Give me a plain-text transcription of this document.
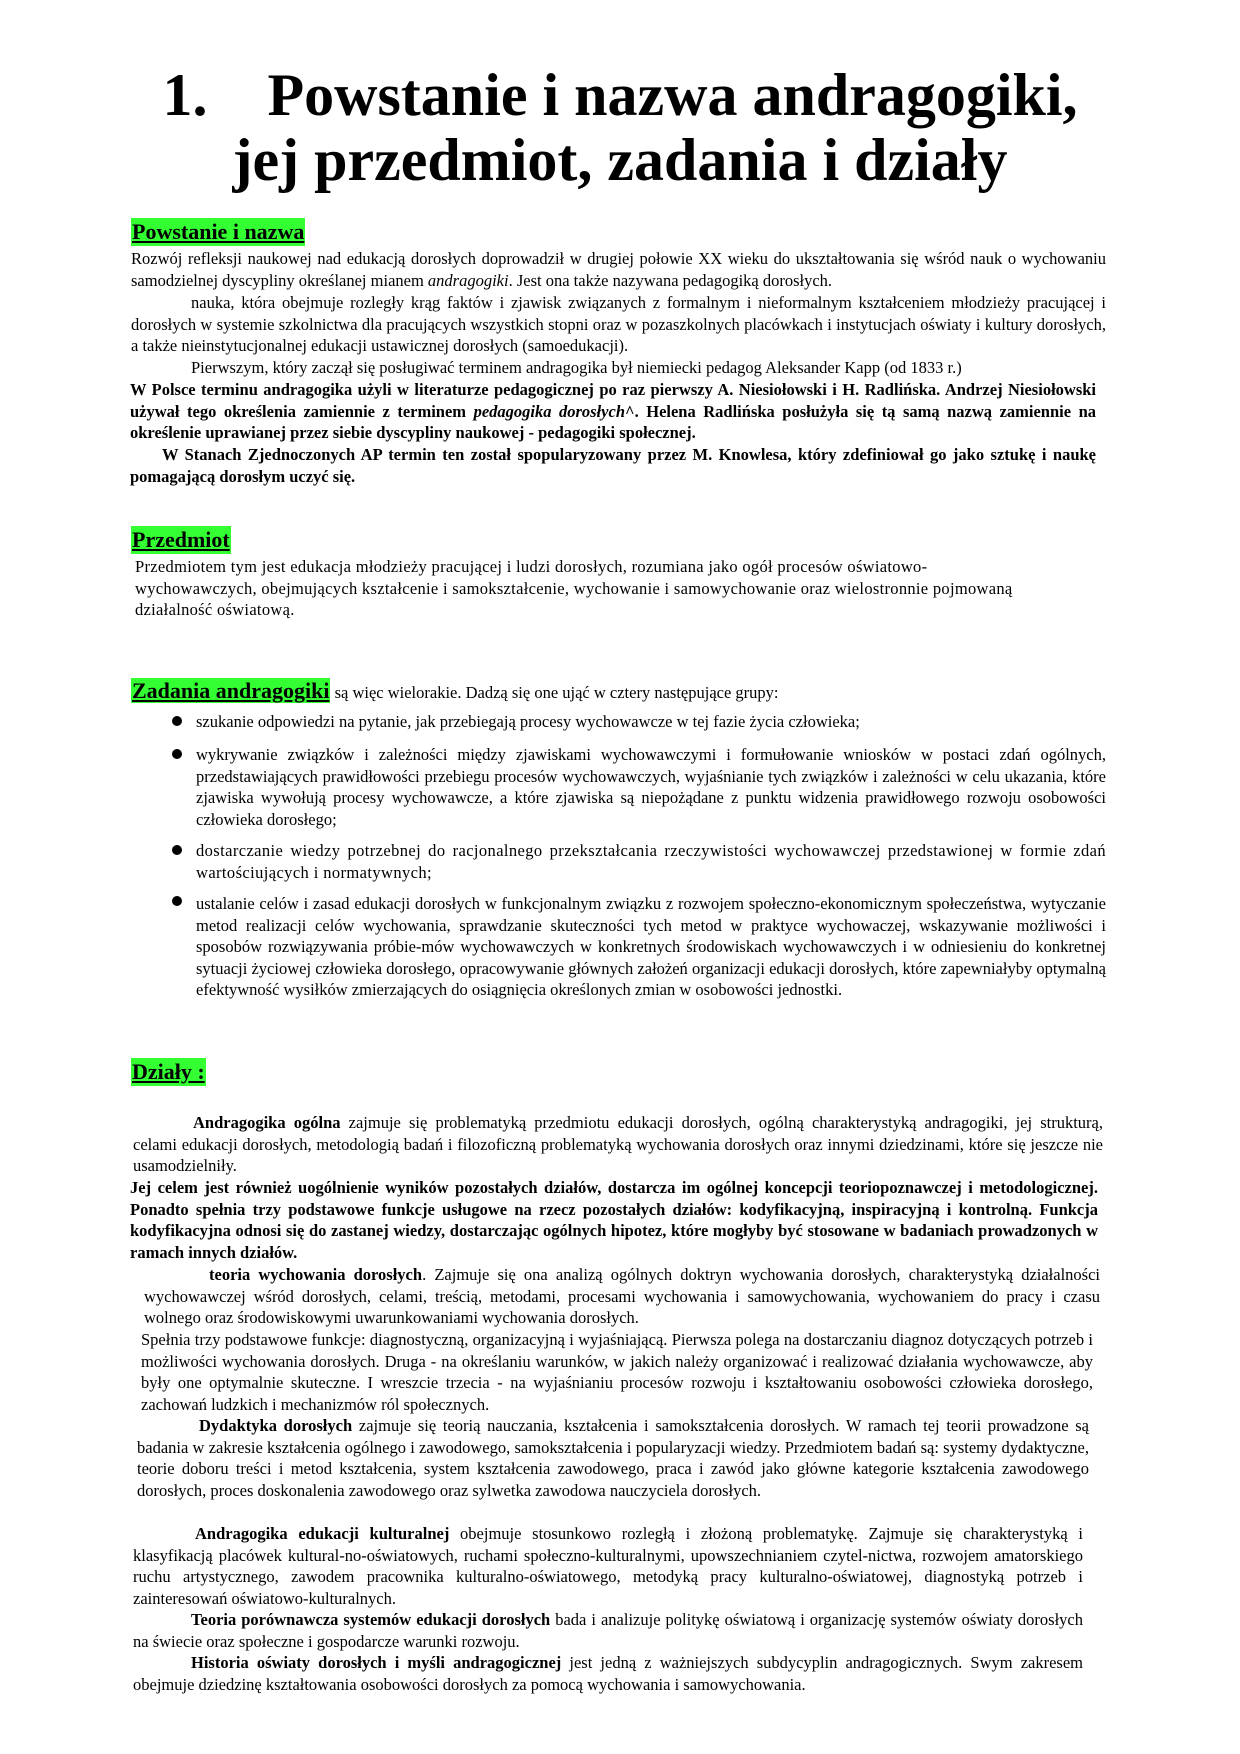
1. Powstanie i nazwa andragogiki,
jej przedmiot, zadania i działy
Powstanie i nazwa
Rozwój refleksji naukowej nad edukacją dorosłych doprowadził w drugiej połowie XX wieku do ukształtowania się wśród nauk o wychowaniu samodzielnej dyscypliny określanej mianem andragogiki. Jest ona także nazywana pedagogiką dorosłych.
nauka, która obejmuje rozległy krąg faktów i zjawisk związanych z formalnym i nieformalnym kształceniem młodzieży pracującej i dorosłych w systemie szkolnictwa dla pracujących wszystkich stopni oraz w pozaszkolnych placówkach i instytucjach oświaty i kultury dorosłych, a także nieinstytucjonalnej edukacji ustawicznej dorosłych (samoedukacji).
Pierwszym, który zaczął się posługiwać terminem andragogika był niemiecki pedagog Aleksander Kapp (od 1833 r.)
W Polsce terminu andragogika użyli w literaturze pedagogicznej po raz pierwszy A. Niesiołowski i H. Radlińska. Andrzej Niesiołowski używał tego określenia zamiennie z terminem pedagogika dorosłych^. Helena Radlińska posłużyła się tą samą nazwą zamiennie na określenie uprawianej przez siebie dyscypliny naukowej - pedagogiki społecznej.
W Stanach Zjednoczonych AP termin ten został spopularyzowany przez M. Knowlesa, który zdefiniował go jako sztukę i naukę pomagającą dorosłym uczyć się.
Przedmiot
Przedmiotem tym jest edukacja młodzieży pracującej i ludzi dorosłych, rozumiana jako ogół procesów oświatowo-wychowawczych, obejmujących kształcenie i samokształcenie, wychowanie i samowychowanie oraz wielostronnie pojmowaną działalność oświatową.
Zadania andragogiki są więc wielorakie. Dadzą się one ująć w cztery następujące grupy:
szukanie odpowiedzi na pytanie, jak przebiegają procesy wychowawcze w tej fazie życia człowieka;
wykrywanie związków i zależności między zjawiskami wychowawczymi i formułowanie wniosków w postaci zdań ogólnych, przedstawiających prawidłowości przebiegu procesów wychowawczych, wyjaśnianie tych związków i zależności w celu ukazania, które zjawiska wywołują procesy wychowawcze, a które zjawiska są niepożądane z punktu widzenia prawidłowego rozwoju osobowości człowieka dorosłego;
dostarczanie wiedzy potrzebnej do racjonalnego przekształcania rzeczywistości wychowawczej przedstawionej w formie zdań wartościujących i normatywnych;
ustalanie celów i zasad edukacji dorosłych w funkcjonalnym związku z rozwojem społeczno-ekonomicznym społeczeństwa, wytyczanie metod realizacji celów wychowania, sprawdzanie skuteczności tych metod w praktyce wychowaczej, wskazywanie możliwości i sposobów rozwiązywania próbie-mów wychowawczych w konkretnych środowiskach wychowawczych i w odniesieniu do konkretnej sytuacji życiowej człowieka dorosłego, opracowywanie głównych założeń organizacji edukacji dorosłych, które zapewniałyby optymalną efektywność wysiłków zmierzających do osiągnięcia określonych zmian w osobowości jednostki.
Działy :
Andragogika ogólna zajmuje się problematyką przedmiotu edukacji dorosłych, ogólną charakterystyką andragogiki, jej strukturą, celami edukacji dorosłych, metodologią badań i filozoficzną problematyką wychowania dorosłych oraz innymi dziedzinami, które się jeszcze nie usamodzielniły.
Jej celem jest również uogólnienie wyników pozostałych działów, dostarcza im ogólnej koncepcji teoriopoznawczej i metodologicznej. Ponadto spełnia trzy podstawowe funkcje usługowe na rzecz pozostałych działów: kodyfikacyjną, inspiracyjną i kontrolną. Funkcja kodyfikacyjna odnosi się do zastanej wiedzy, dostarczając ogólnych hipotez, które mogłyby być stosowane w badaniach prowadzonych w ramach innych działów.
teoria wychowania dorosłych. Zajmuje się ona analizą ogólnych doktryn wychowania dorosłych, charakterystyką działalności wychowawczej wśród dorosłych, celami, treścią, metodami, procesami wychowania i samowychowania, wychowaniem do pracy i czasu wolnego oraz środowiskowymi uwarunkowaniami wychowania dorosłych.
Spełnia trzy podstawowe funkcje: diagnostyczną, organizacyjną i wyjaśniającą. Pierwsza polega na dostarczaniu diagnoz dotyczących potrzeb i możliwości wychowania dorosłych. Druga - na określaniu warunków, w jakich należy organizować i realizować działania wychowawcze, aby były one optymalnie skuteczne. I wreszcie trzecia - na wyjaśnianiu procesów rozwoju i kształtowaniu osobowości człowieka dorosłego, zachowań ludzkich i mechanizmów ról społecznych.
Dydaktyka dorosłych zajmuje się teorią nauczania, kształcenia i samokształcenia dorosłych. W ramach tej teorii prowadzone są badania w zakresie kształcenia ogólnego i zawodowego, samokształcenia i popularyzacji wiedzy. Przedmiotem badań są: systemy dydaktyczne, teorie doboru treści i metod kształcenia, system kształcenia zawodowego, praca i zawód jako główne kategorie kształcenia zawodowego dorosłych, proces doskonalenia zawodowego oraz sylwetka zawodowa nauczyciela dorosłych.
Andragogika edukacji kulturalnej obejmuje stosunkowo rozległą i złożoną problematykę. Zajmuje się charakterystyką i klasyfikacją placówek kultural-no-oświatowych, ruchami społeczno-kulturalnymi, upowszechnianiem czytel-nictwa, rozwojem amatorskiego ruchu artystycznego, zawodem pracownika kulturalno-oświatowego, metodyką pracy kulturalno-oświatowej, diagnostyką potrzeb i zainteresowań oświatowo-kulturalnych.
Teoria porównawcza systemów edukacji dorosłych bada i analizuje politykę oświatową i organizację systemów oświaty dorosłych na świecie oraz społeczne i gospodarcze warunki rozwoju.
Historia oświaty dorosłych i myśli andragogicznej jest jedną z ważniejszych subdycyplin andragogicznych. Swym zakresem obejmuje dziedzinę kształtowania osobowości dorosłych za pomocą wychowania i samowychowania.
